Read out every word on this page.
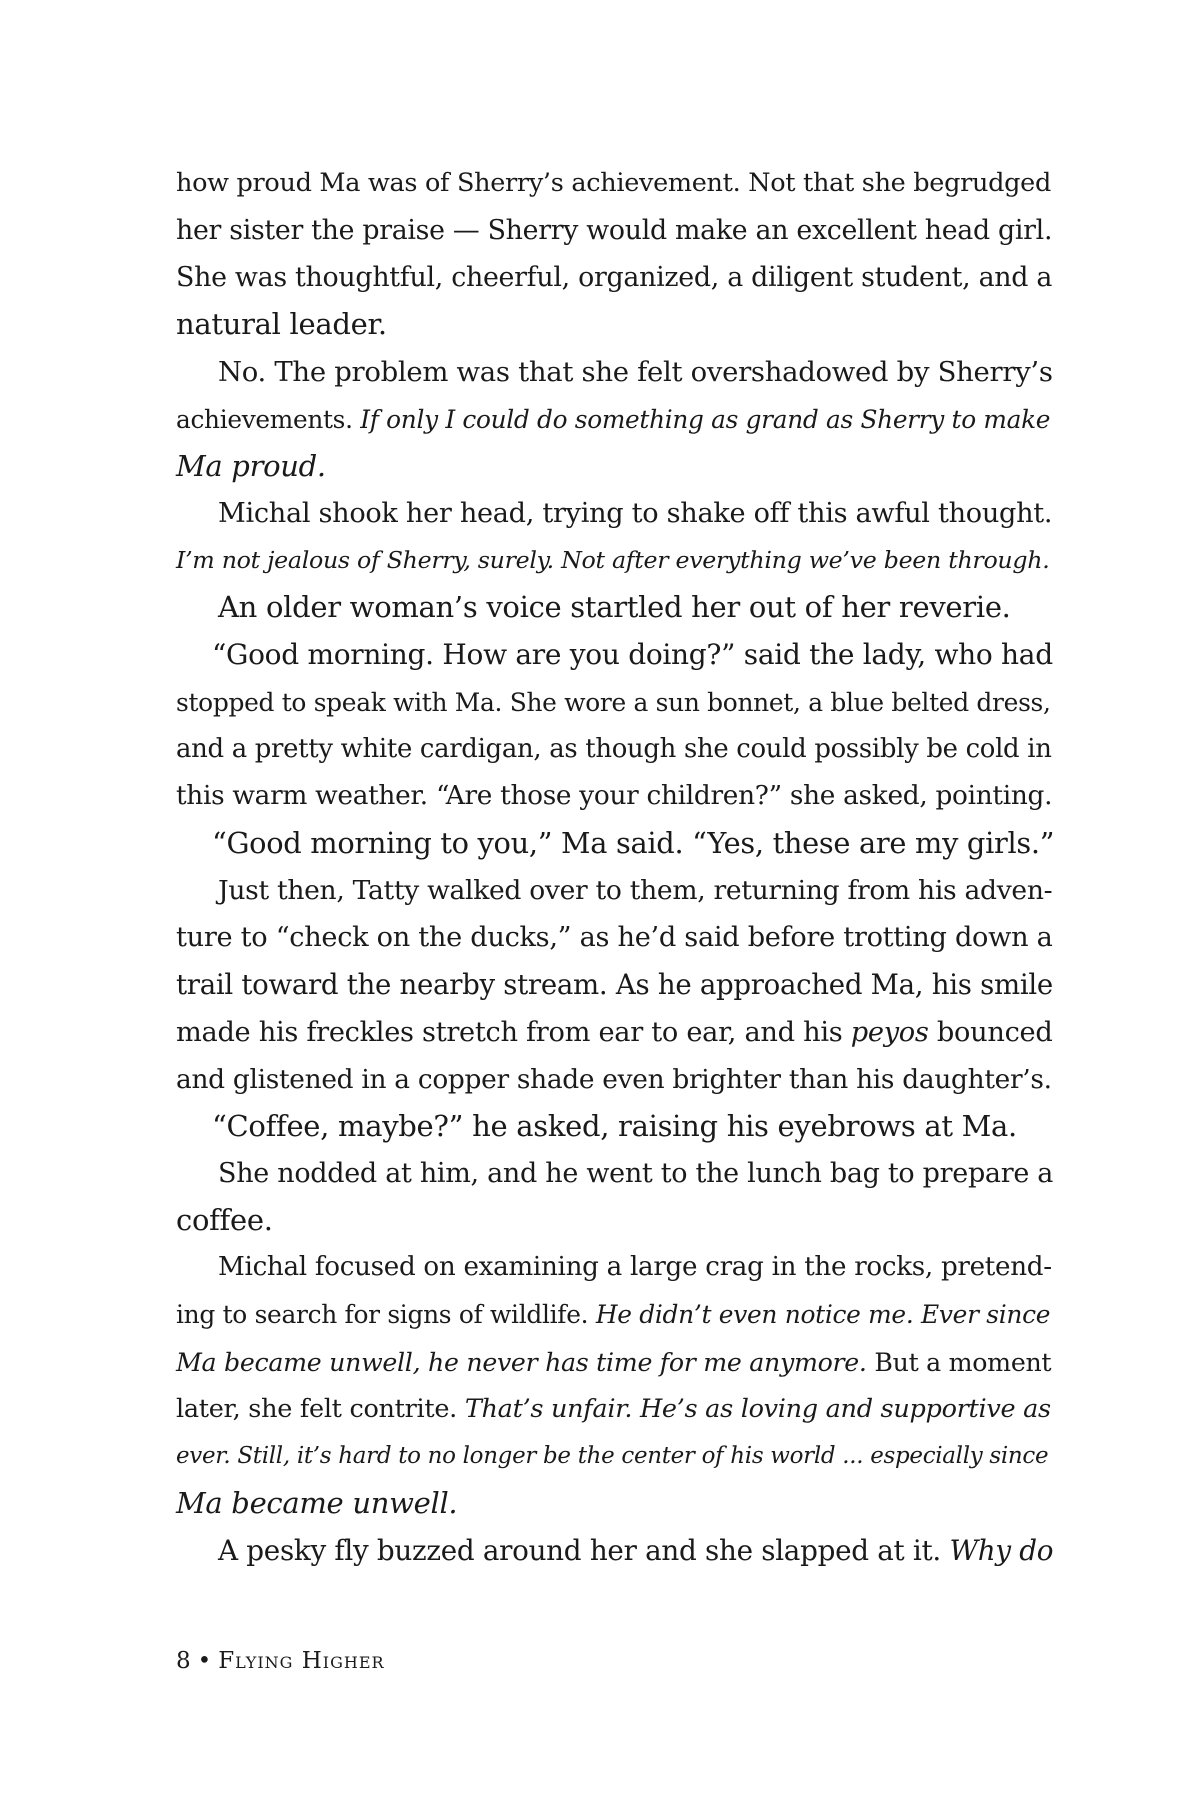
how proud Ma was of Sherry’s achievement. Not that she begrudged
her sister the praise — Sherry would make an excellent head girl.
She was thoughtful, cheerful, organized, a diligent student, and a
natural leader.
No. The problem was that she felt overshadowed by Sherry’s
achievements. If only I could do something as grand as Sherry to make
Ma proud.
Michal shook her head, trying to shake off this awful thought.
I’m not jealous of Sherry, surely. Not after everything we’ve been through.
An older woman’s voice startled her out of her reverie.
“Good morning. How are you doing?” said the lady, who had
stopped to speak with Ma. She wore a sun bonnet, a blue belted dress,
and a pretty white cardigan, as though she could possibly be cold in
this warm weather. “Are those your children?” she asked, pointing.
“Good morning to you,” Ma said. “Yes, these are my girls.”
Just then, Tatty walked over to them, returning from his adven-
ture to “check on the ducks,” as he’d said before trotting down a
trail toward the nearby stream. As he approached Ma, his smile
made his freckles stretch from ear to ear, and his peyos bounced
and glistened in a copper shade even brighter than his daughter’s.
“Coffee, maybe?” he asked, raising his eyebrows at Ma.
She nodded at him, and he went to the lunch bag to prepare a
coffee.
Michal focused on examining a large crag in the rocks, pretend-
ing to search for signs of wildlife. He didn’t even notice me. Ever since
Ma became unwell, he never has time for me anymore. But a moment
later, she felt contrite. That’s unfair. He’s as loving and supportive as
ever. Still, it’s hard to no longer be the center of his world ... especially since
Ma became unwell.
A pesky fly buzzed around her and she slapped at it. Why do
8 • Flying Higher
